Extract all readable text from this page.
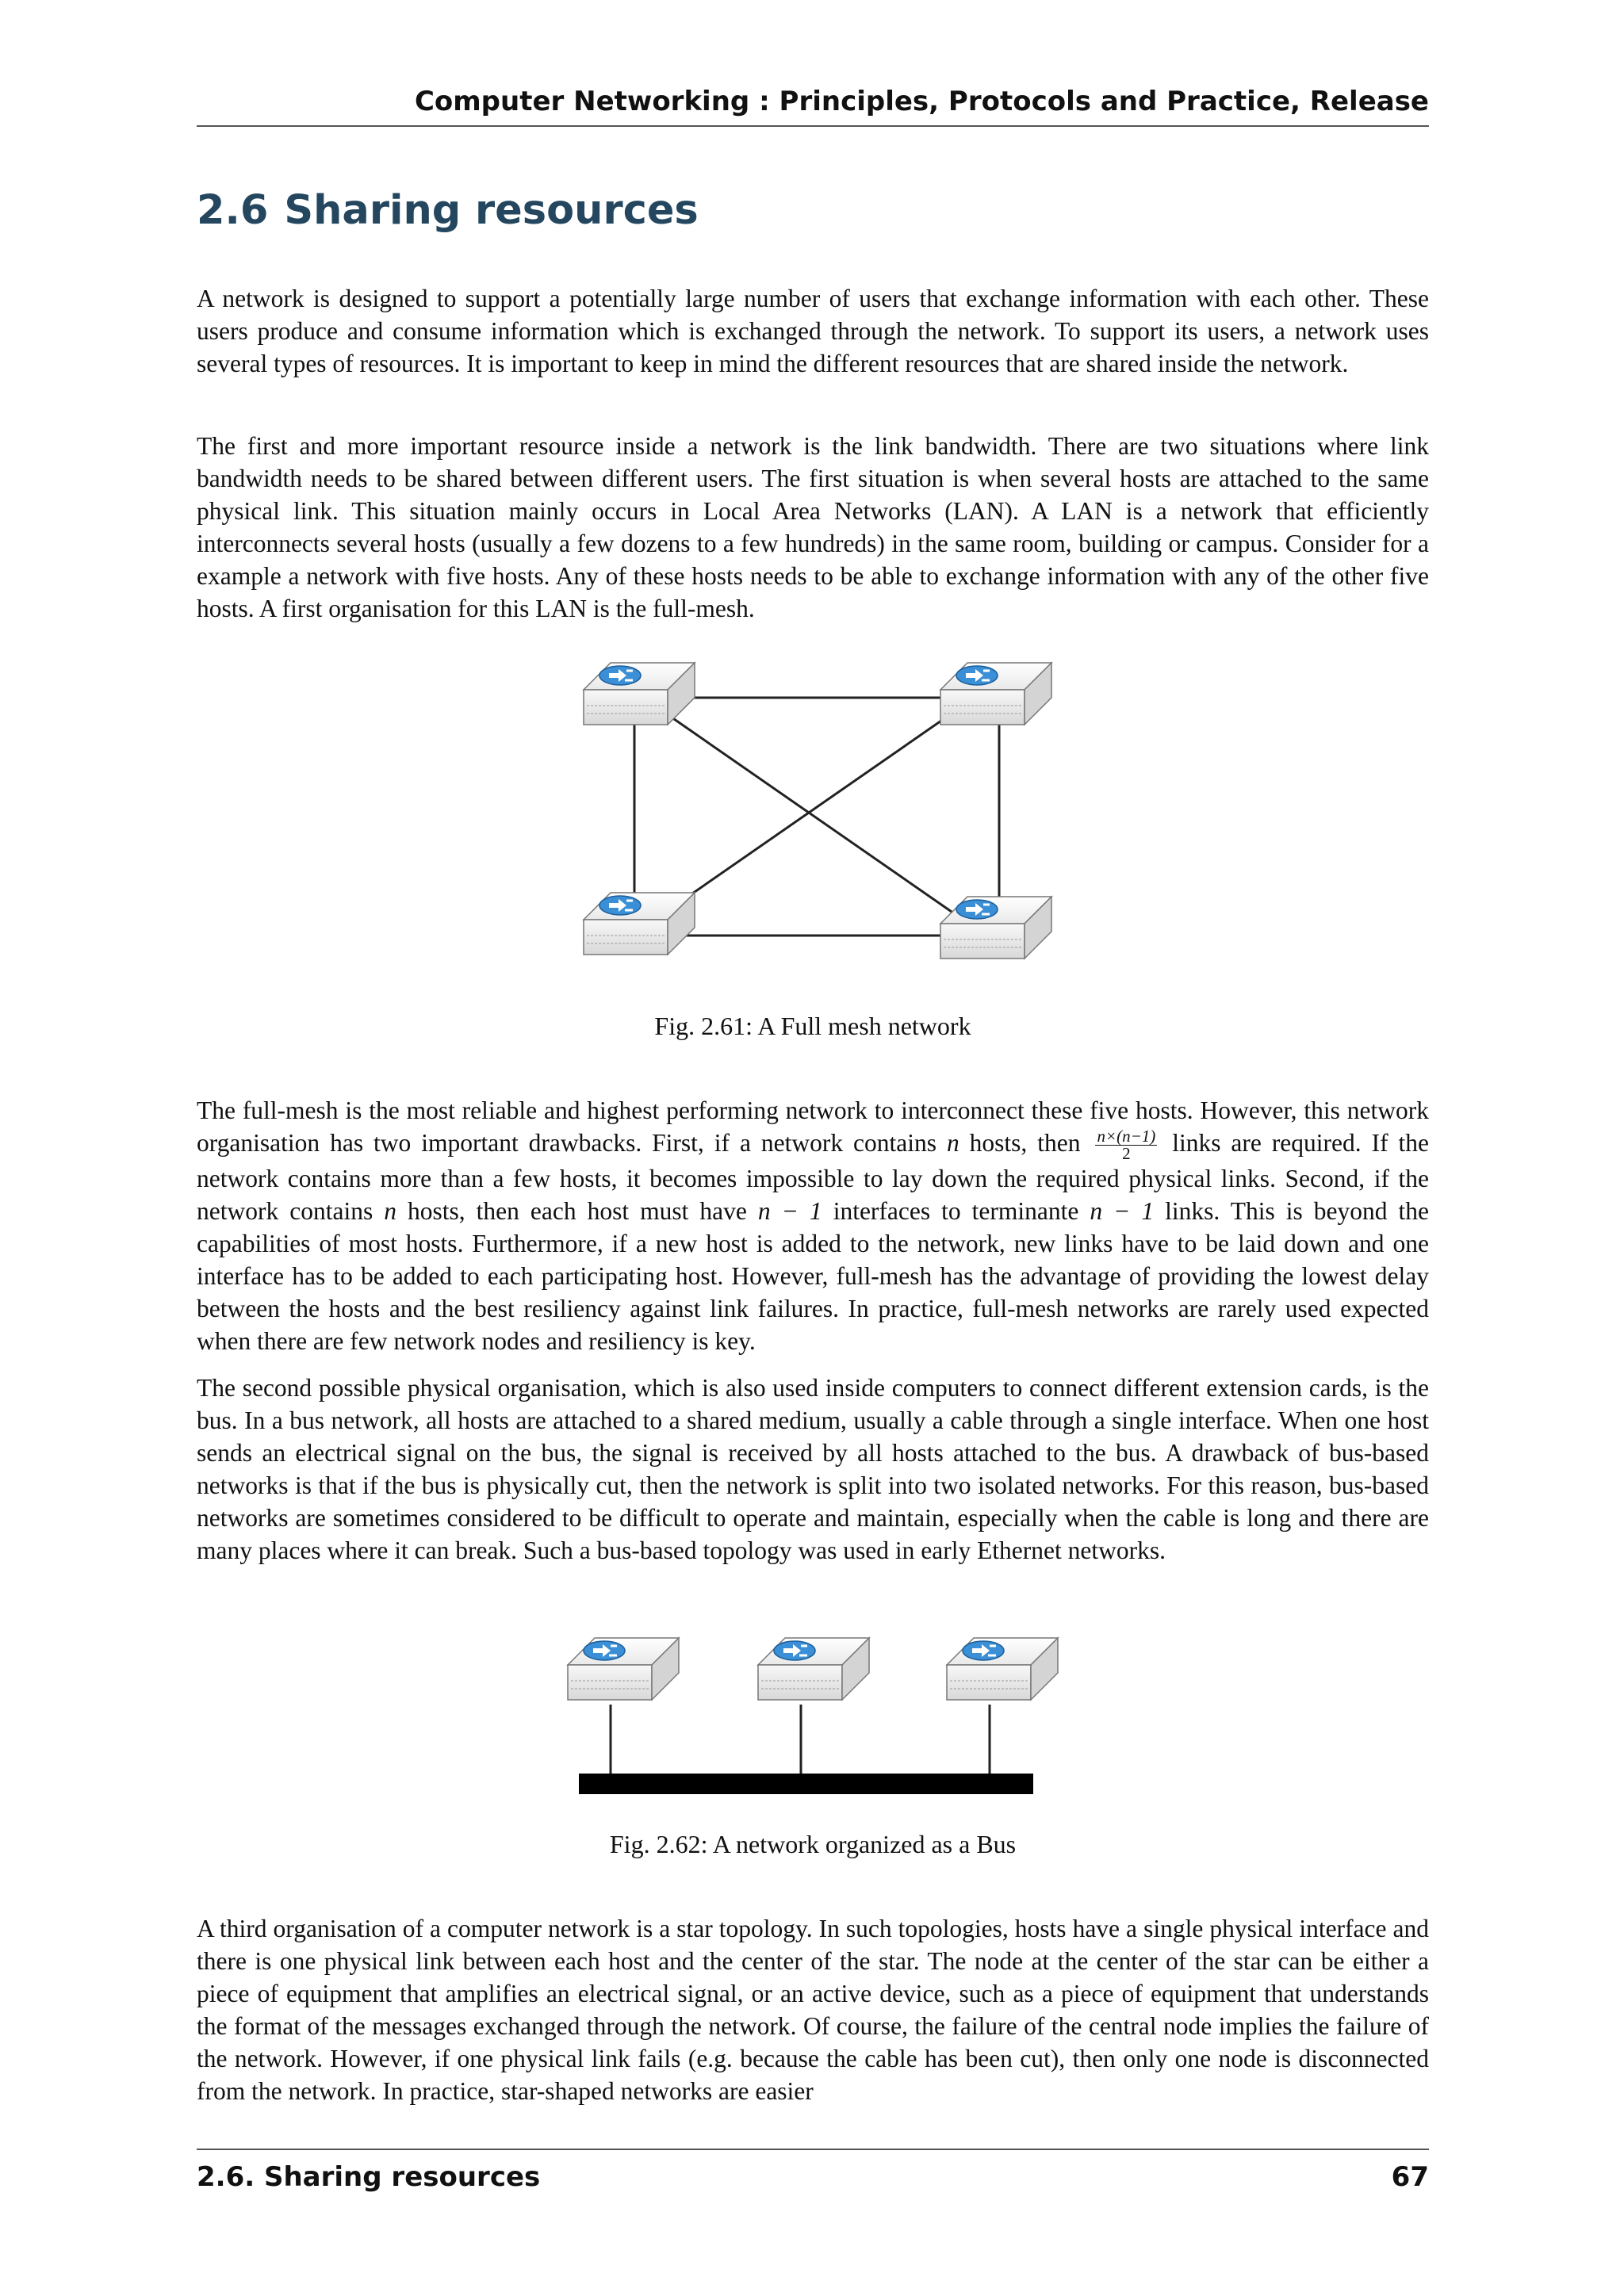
Computer Networking : Principles, Protocols and Practice, Release
2.6 Sharing resources

A network is designed to support a potentially large number of users that exchange information with each other. These users produce and consume information which is exchanged through the network. To support its users, a network uses several types of resources. It is important to keep in mind the different resources that are shared inside the network.

The first and more important resource inside a network is the link bandwidth. There are two situations where link bandwidth needs to be shared between different users. The first situation is when several hosts are attached to the same physical link. This situation mainly occurs in Local Area Networks (LAN). A LAN is a network that efficiently interconnects several hosts (usually a few dozens to a few hundreds) in the same room, building or campus. Consider for a example a network with five hosts. Any of these hosts needs to be able to exchange information with any of the other five hosts. A first organisation for this LAN is the full-mesh.

Fig. 2.61: A Full mesh network

The full-mesh is the most reliable and highest performing network to interconnect these five hosts. However, this network organisation has two important drawbacks. First, if a network contains n hosts, then $\frac{n\times(n-1)}{2}$ links are required. If the network contains more than a few hosts, it becomes impossible to lay down the required physical links. Second, if the network contains n hosts, then each host must have n − 1 interfaces to terminante n − 1 links. This is beyond the capabilities of most hosts. Furthermore, if a new host is added to the network, new links have to be laid down and one interface has to be added to each participating host. However, full-mesh has the advantage of providing the lowest delay between the hosts and the best resiliency against link failures. In practice, full-mesh networks are rarely used expected when there are few network nodes and resiliency is key.

The second possible physical organisation, which is also used inside computers to connect different extension cards, is the bus. In a bus network, all hosts are attached to a shared medium, usually a cable through a single interface. When one host sends an electrical signal on the bus, the signal is received by all hosts attached to the bus. A drawback of bus-based networks is that if the bus is physically cut, then the network is split into two isolated networks. For this reason, bus-based networks are sometimes considered to be difficult to operate and maintain, especially when the cable is long and there are many places where it can break. Such a bus-based topology was used in early Ethernet networks.

Fig. 2.62: A network organized as a Bus

A third organisation of a computer network is a star topology. In such topologies, hosts have a single physical interface and there is one physical link between each host and the center of the star. The node at the center of the star can be either a piece of equipment that amplifies an electrical signal, or an active device, such as a piece of equipment that understands the format of the messages exchanged through the network. Of course, the failure of the central node implies the failure of the network. However, if one physical link fails (e.g. because the cable has been cut), then only one node is disconnected from the network. In practice, star-shaped networks are easier

2.6. Sharing resources	67
